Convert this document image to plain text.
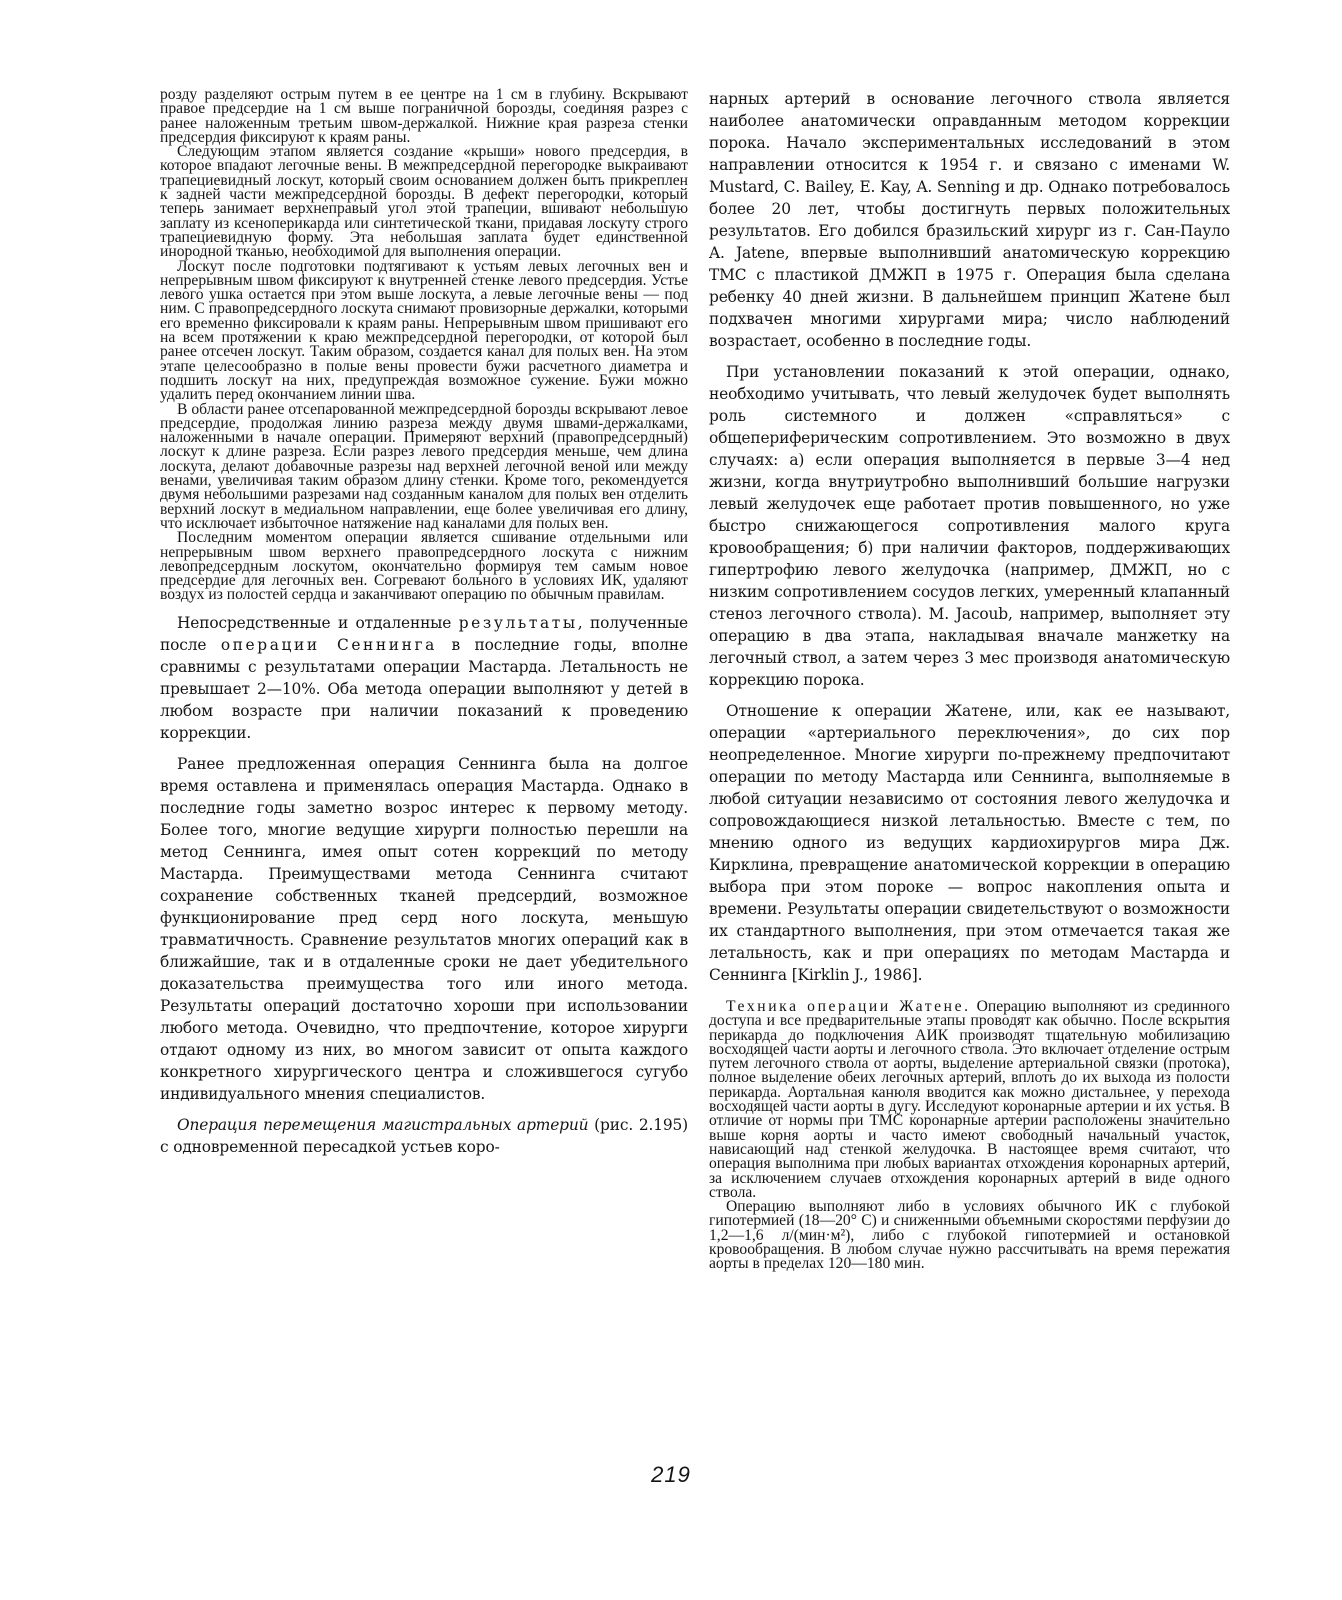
розду разделяют острым путем в ее центре на 1 см в глубину. Вскрывают правое предсердие на 1 см выше пограничной борозды, соединяя разрез с ранее наложенным третьим швом-держалкой. Нижние края разреза стенки предсердия фиксируют к краям раны.

Следующим этапом является создание «крыши» нового предсердия, в которое впадают легочные вены. В межпредсердной перегородке выкраивают трапециевидный лоскут, который своим основанием должен быть прикреплен к задней части межпредсердной борозды. В дефект перегородки, который теперь занимает верхнеправый угол этой трапеции, вшивают небольшую заплату из ксеноперикарда или синтетической ткани, придавая лоскуту строго трапециевидную форму. Эта небольшая заплата будет единственной инородной тканью, необходимой для выполнения операции.

Лоскут после подготовки подтягивают к устьям левых легочных вен и непрерывным швом фиксируют к внутренней стенке левого предсердия. Устье левого ушка остается при этом выше лоскута, а левые легочные вены — под ним. С правопредсердного лоскута снимают провизорные держалки, которыми его временно фиксировали к краям раны. Непрерывным швом пришивают его на всем протяжении к краю межпредсердной перегородки, от которой был ранее отсечен лоскут. Таким образом, создается канал для полых вен. На этом этапе целесообразно в полые вены провести бужи расчетного диаметра и подшить лоскут на них, предупреждая возможное сужение. Бужи можно удалить перед окончанием линии шва.

В области ранее отсепарованной межпредсердной борозды вскрывают левое предсердие, продолжая линию разреза между двумя швами-держалками, наложенными в начале операции. Примеряют верхний (правопредсердный) лоскут к длине разреза. Если разрез левого предсердия меньше, чем длина лоскута, делают добавочные разрезы над верхней легочной веной или между венами, увеличивая таким образом длину стенки. Кроме того, рекомендуется двумя небольшими разрезами над созданным каналом для полых вен отделить верхний лоскут в медиальном направлении, еще более увеличивая его длину, что исключает избыточное натяжение над каналами для полых вен.

Последним моментом операции является сшивание отдельными или непрерывным швом верхнего правопредсердного лоскута с нижним левопредсердным лоскутом, окончательно формируя тем самым новое предсердие для легочных вен. Согревают больного в условиях ИК, удаляют воздух из полостей сердца и заканчивают операцию по обычным правилам.

Непосредственные и отдаленные результаты, полученные после операции Сеннинга в последние годы, вполне сравнимы с результатами операции Мастарда. Летальность не превышает 2—10%. Оба метода операции выполняют у детей в любом возрасте при наличии показаний к проведению коррекции.

Ранее предложенная операция Сеннинга была на долгое время оставлена и применялась операция Мастарда. Однако в последние годы заметно возрос интерес к первому методу. Более того, многие ведущие хирурги полностью перешли на метод Сеннинга, имея опыт сотен коррекций по методу Мастарда. Преимуществами метода Сеннинга считают сохранение собственных тканей предсердий, возможное функционирование пред серд ного лоскута, меньшую травматичность. Сравнение результатов многих операций как в ближайшие, так и в отдаленные сроки не дает убедительного доказательства преимущества того или иного метода. Результаты операций достаточно хороши при использовании любого метода. Очевидно, что предпочтение, которое хирурги отдают одному из них, во многом зависит от опыта каждого конкретного хирургического центра и сложившегося сугубо индивидуального мнения специалистов.

Операция перемещения магистральных артерий (рис. 2.195) с одновременной пересадкой устьев коро-

нарных артерий в основание легочного ствола является наиболее анатомически оправданным методом коррекции порока. Начало экспериментальных исследований в этом направлении относится к 1954 г. и связано с именами W. Mustard, С. Bailey, E. Kay, A. Senning и др. Однако потребовалось более 20 лет, чтобы достигнуть первых положительных результатов. Его добился бразильский хирург из г. Сан-Пауло A. Jatene, впервые выполнивший анатомическую коррекцию ТМС с пластикой ДМЖП в 1975 г. Операция была сделана ребенку 40 дней жизни. В дальнейшем принцип Жатене был подхвачен многими хирургами мира; число наблюдений возрастает, особенно в последние годы.

При установлении показаний к этой операции, однако, необходимо учитывать, что левый желудочек будет выполнять роль системного и должен «справляться» с общепериферическим сопротивлением. Это возможно в двух случаях: а) если операция выполняется в первые 3—4 нед жизни, когда внутриутробно выполнивший большие нагрузки левый желудочек еще работает против повышенного, но уже быстро снижающегося сопротивления малого круга кровообращения; б) при наличии факторов, поддерживающих гипертрофию левого желудочка (например, ДМЖП, но с низким сопротивлением сосудов легких, умеренный клапанный стеноз легочного ствола). M. Jacoub, например, выполняет эту операцию в два этапа, накладывая вначале манжетку на легочный ствол, а затем через 3 мес производя анатомическую коррекцию порока.

Отношение к операции Жатене, или, как ее называют, операции «артериального переключения», до сих пор неопределенное. Многие хирурги по-прежнему предпочитают операции по методу Мастарда или Сеннинга, выполняемые в любой ситуации независимо от состояния левого желудочка и сопровождающиеся низкой летальностью. Вместе с тем, по мнению одного из ведущих кардиохирургов мира Дж. Кирклина, превращение анатомической коррекции в операцию выбора при этом пороке — вопрос накопления опыта и времени. Результаты операции свидетельствуют о возможности их стандартного выполнения, при этом отмечается такая же летальность, как и при операциях по методам Мастарда и Сеннинга [Kirklin J., 1986].

Техника операции Жатене. Операцию выполняют из срединного доступа и все предварительные этапы проводят как обычно. После вскрытия перикарда до подключения АИК производят тщательную мобилизацию восходящей части аорты и легочного ствола. Это включает отделение острым путем легочного ствола от аорты, выделение артериальной связки (протока), полное выделение обеих легочных артерий, вплоть до их выхода из полости перикарда. Аортальная канюля вводится как можно дистальнее, у перехода восходящей части аорты в дугу. Исследуют коронарные артерии и их устья. В отличие от нормы при ТМС коронарные артерии расположены значительно выше корня аорты и часто имеют свободный начальный участок, нависающий над стенкой желудочка. В настоящее время считают, что операция выполнима при любых вариантах отхождения коронарных артерий, за исключением случаев отхождения коронарных артерий в виде одного ствола.

Операцию выполняют либо в условиях обычного ИК с глубокой гипотермией (18—20° С) и сниженными объемными скоростями перфузии до 1,2—1,6 л/(мин·м²), либо с глубокой гипотермией и остановкой кровообращения. В любом случае нужно рассчитывать на время пережатия аорты в пределах 120—180 мин.

219
